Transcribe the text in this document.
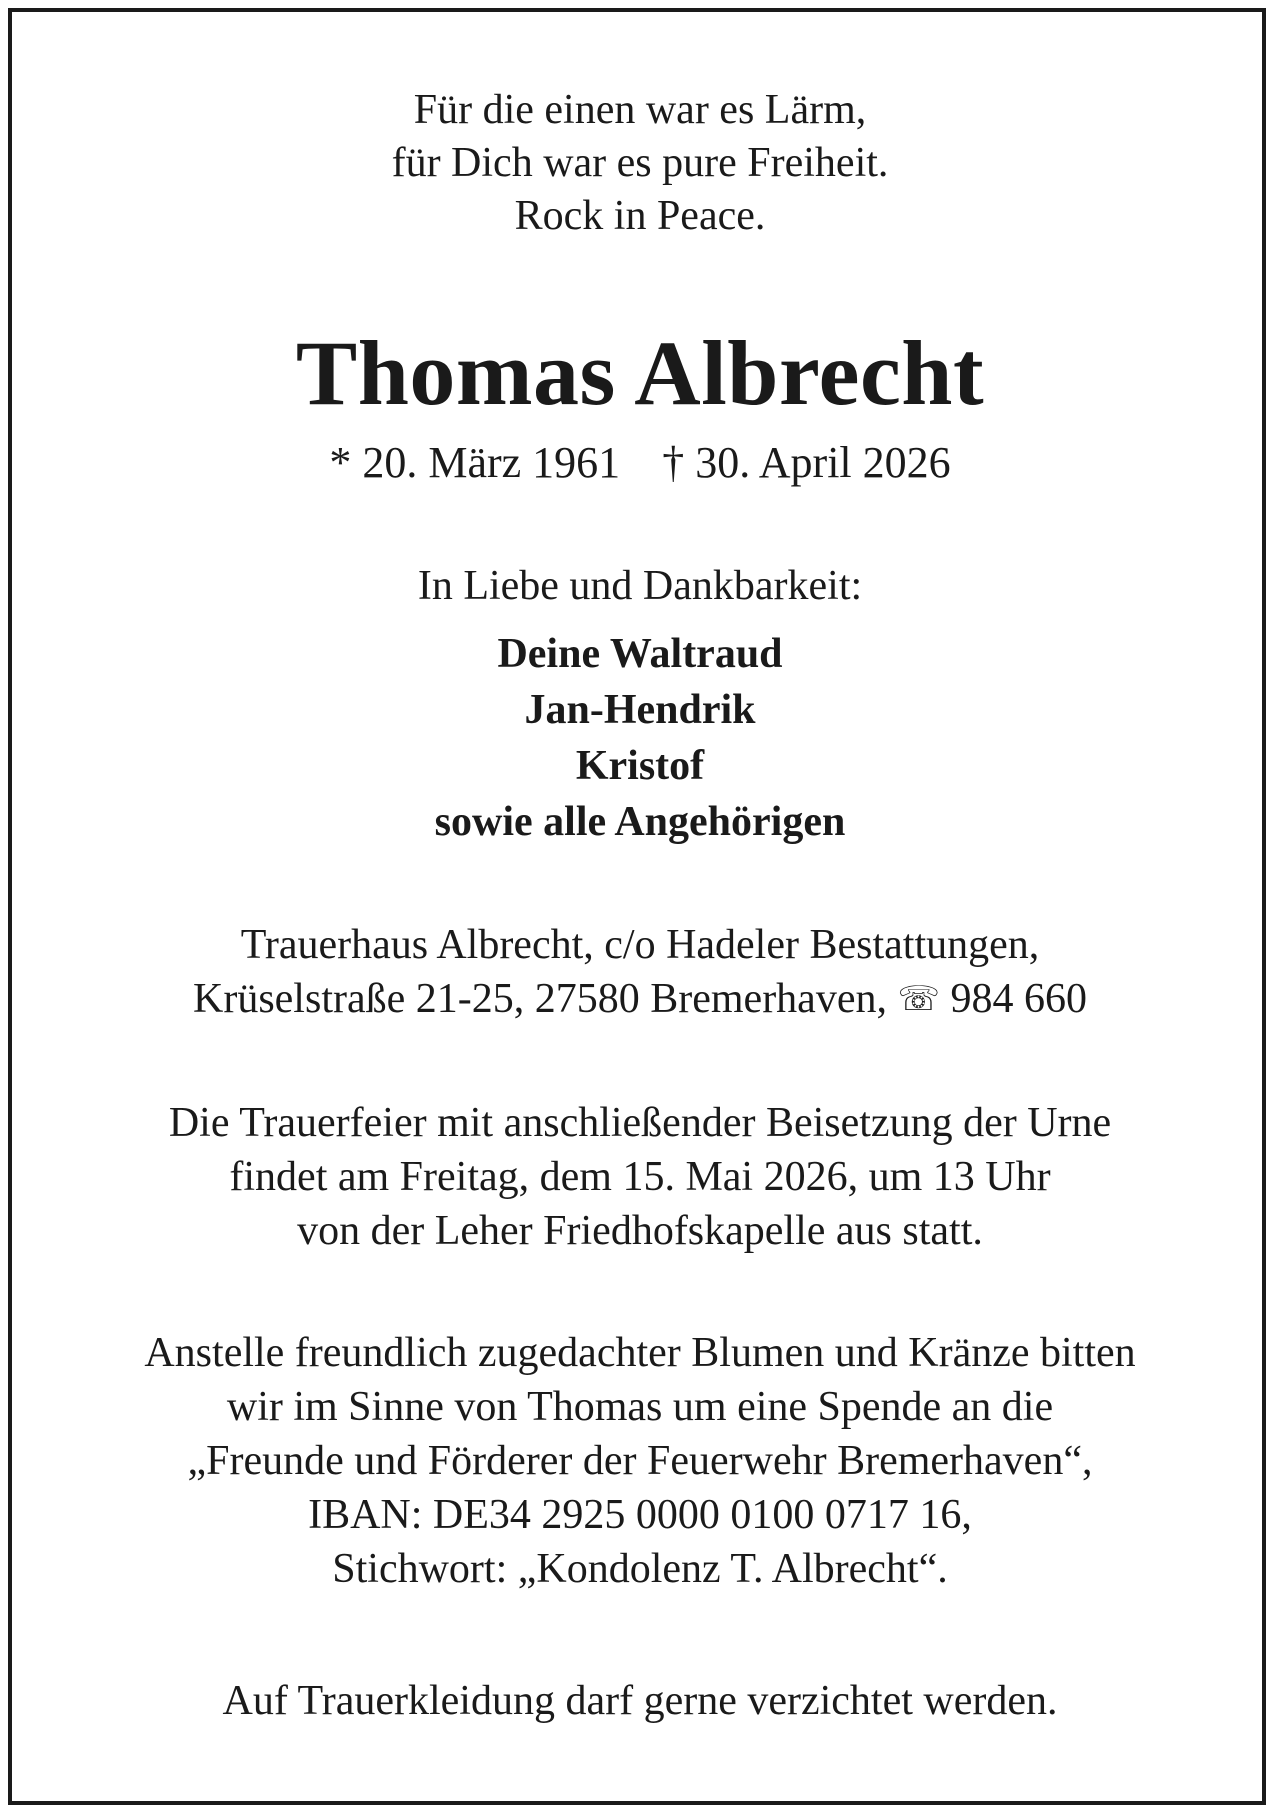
Für die einen war es Lärm,
für Dich war es pure Freiheit.
Rock in Peace.
Thomas Albrecht
* 20. März 1961 † 30. April 2026
In Liebe und Dankbarkeit:
Deine Waltraud
Jan-Hendrik
Kristof
sowie alle Angehörigen
Trauerhaus Albrecht, c/o Hadeler Bestattungen,
Krüselstraße 21-25, 27580 Bremerhaven, ☏ 984 660
Die Trauerfeier mit anschließender Beisetzung der Urne
findet am Freitag, dem 15. Mai 2026, um 13 Uhr
von der Leher Friedhofskapelle aus statt.
Anstelle freundlich zugedachter Blumen und Kränze bitten
wir im Sinne von Thomas um eine Spende an die
„Freunde und Förderer der Feuerwehr Bremerhaven“,
IBAN: DE34 2925 0000 0100 0717 16,
Stichwort: „Kondolenz T. Albrecht“.
Auf Trauerkleidung darf gerne verzichtet werden.
